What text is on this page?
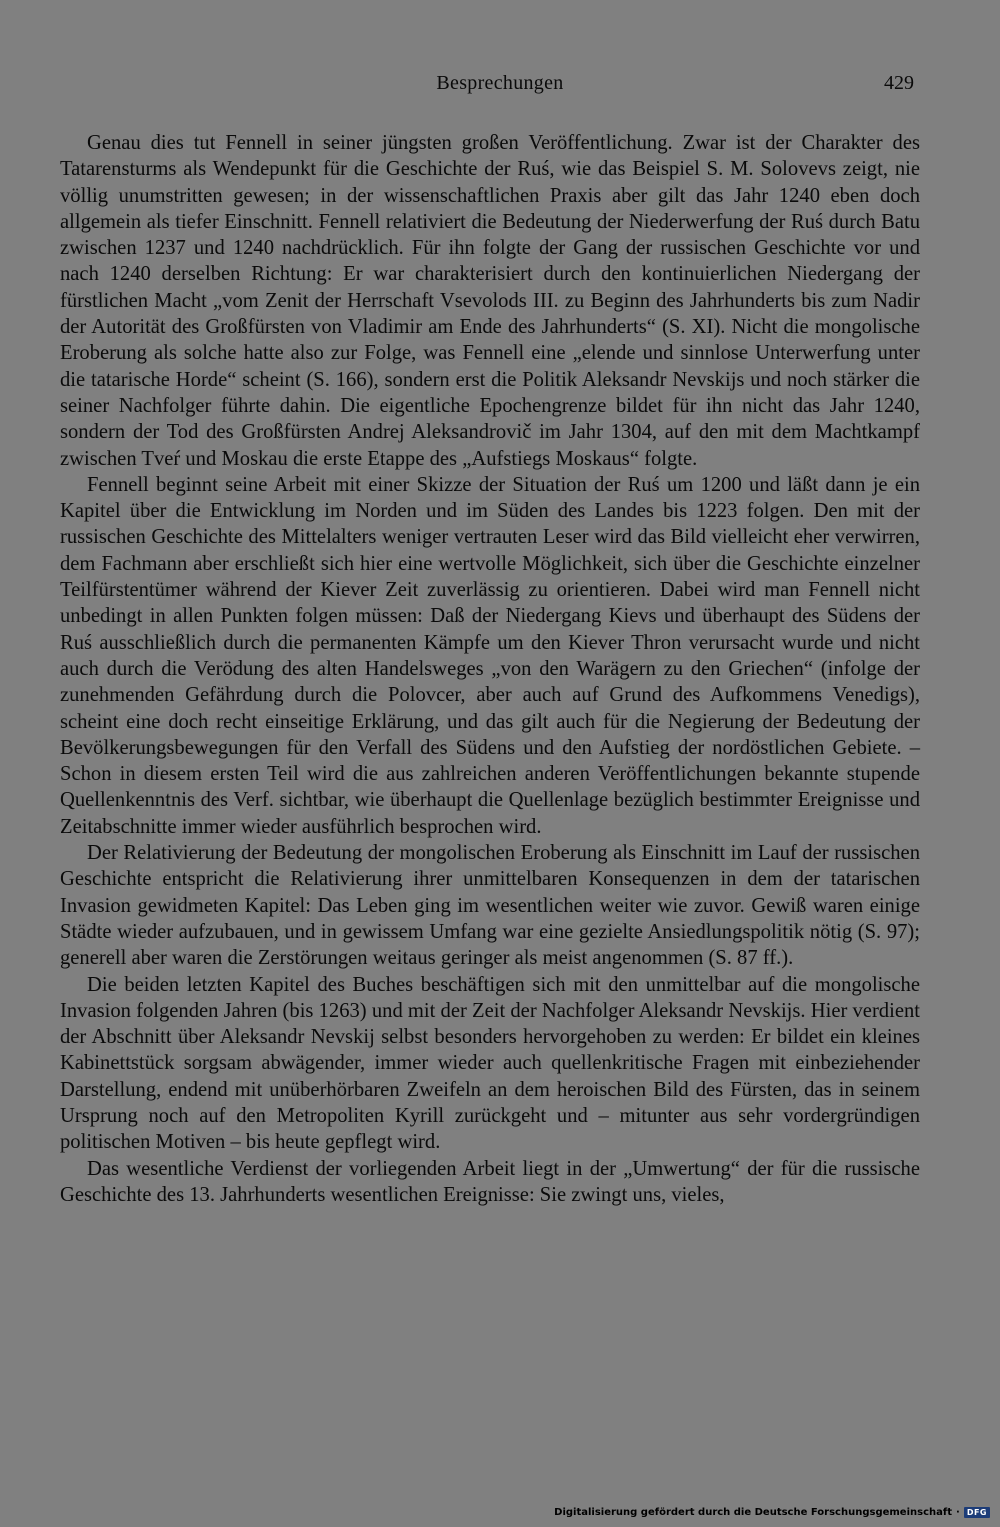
Besprechungen	429

Genau dies tut Fennell in seiner jüngsten großen Veröffentlichung. Zwar ist der Charakter des Tatarensturms als Wendepunkt für die Geschichte der Ruś, wie das Beispiel S. M. Solovevs zeigt, nie völlig unumstritten gewesen; in der wissenschaftlichen Praxis aber gilt das Jahr 1240 eben doch allgemein als tiefer Einschnitt. Fennell relativiert die Bedeutung der Niederwerfung der Ruś durch Batu zwischen 1237 und 1240 nachdrücklich. Für ihn folgte der Gang der russischen Geschichte vor und nach 1240 derselben Richtung: Er war charakterisiert durch den kontinuierlichen Niedergang der fürstlichen Macht „vom Zenit der Herrschaft Vsevolods III. zu Beginn des Jahrhunderts bis zum Nadir der Autorität des Großfürsten von Vladimir am Ende des Jahrhunderts“ (S. XI). Nicht die mongolische Eroberung als solche hatte also zur Folge, was Fennell eine „elende und sinnlose Unterwerfung unter die tatarische Horde“ scheint (S. 166), sondern erst die Politik Aleksandr Nevskijs und noch stärker die seiner Nachfolger führte dahin. Die eigentliche Epochengrenze bildet für ihn nicht das Jahr 1240, sondern der Tod des Großfürsten Andrej Aleksandrovič im Jahr 1304, auf den mit dem Machtkampf zwischen Tveŕ und Moskau die erste Etappe des „Aufstiegs Moskaus“ folgte.

Fennell beginnt seine Arbeit mit einer Skizze der Situation der Ruś um 1200 und läßt dann je ein Kapitel über die Entwicklung im Norden und im Süden des Landes bis 1223 folgen. Den mit der russischen Geschichte des Mittelalters weniger vertrauten Leser wird das Bild vielleicht eher verwirren, dem Fachmann aber erschließt sich hier eine wertvolle Möglichkeit, sich über die Geschichte einzelner Teilfürstentümer während der Kiever Zeit zuverlässig zu orientieren. Dabei wird man Fennell nicht unbedingt in allen Punkten folgen müssen: Daß der Niedergang Kievs und überhaupt des Südens der Ruś ausschließlich durch die permanenten Kämpfe um den Kiever Thron verursacht wurde und nicht auch durch die Verödung des alten Handelsweges „von den Warägern zu den Griechen“ (infolge der zunehmenden Gefährdung durch die Polovcer, aber auch auf Grund des Aufkommens Venedigs), scheint eine doch recht einseitige Erklärung, und das gilt auch für die Negierung der Bedeutung der Bevölkerungsbewegungen für den Verfall des Südens und den Aufstieg der nordöstlichen Gebiete. – Schon in diesem ersten Teil wird die aus zahlreichen anderen Veröffentlichungen bekannte stupende Quellenkenntnis des Verf. sichtbar, wie überhaupt die Quellenlage bezüglich bestimmter Ereignisse und Zeitabschnitte immer wieder ausführlich besprochen wird.

Der Relativierung der Bedeutung der mongolischen Eroberung als Einschnitt im Lauf der russischen Geschichte entspricht die Relativierung ihrer unmittelbaren Konsequenzen in dem der tatarischen Invasion gewidmeten Kapitel: Das Leben ging im wesentlichen weiter wie zuvor. Gewiß waren einige Städte wieder aufzubauen, und in gewissem Umfang war eine gezielte Ansiedlungspolitik nötig (S. 97); generell aber waren die Zerstörungen weitaus geringer als meist angenommen (S. 87 ff.).

Die beiden letzten Kapitel des Buches beschäftigen sich mit den unmittelbar auf die mongolische Invasion folgenden Jahren (bis 1263) und mit der Zeit der Nachfolger Aleksandr Nevskijs. Hier verdient der Abschnitt über Aleksandr Nevskij selbst besonders hervorgehoben zu werden: Er bildet ein kleines Kabinettstück sorgsam abwägender, immer wieder auch quellenkritische Fragen mit einbeziehender Darstellung, endend mit unüberhörbaren Zweifeln an dem heroischen Bild des Fürsten, das in seinem Ursprung noch auf den Metropoliten Kyrill zurückgeht und – mitunter aus sehr vordergründigen politischen Motiven – bis heute gepflegt wird.

Das wesentliche Verdienst der vorliegenden Arbeit liegt in der „Umwertung“ der für die russische Geschichte des 13. Jahrhunderts wesentlichen Ereignisse: Sie zwingt uns, vieles,

Digitalisierung gefördert durch die Deutsche Forschungsgemeinschaft · DFG
